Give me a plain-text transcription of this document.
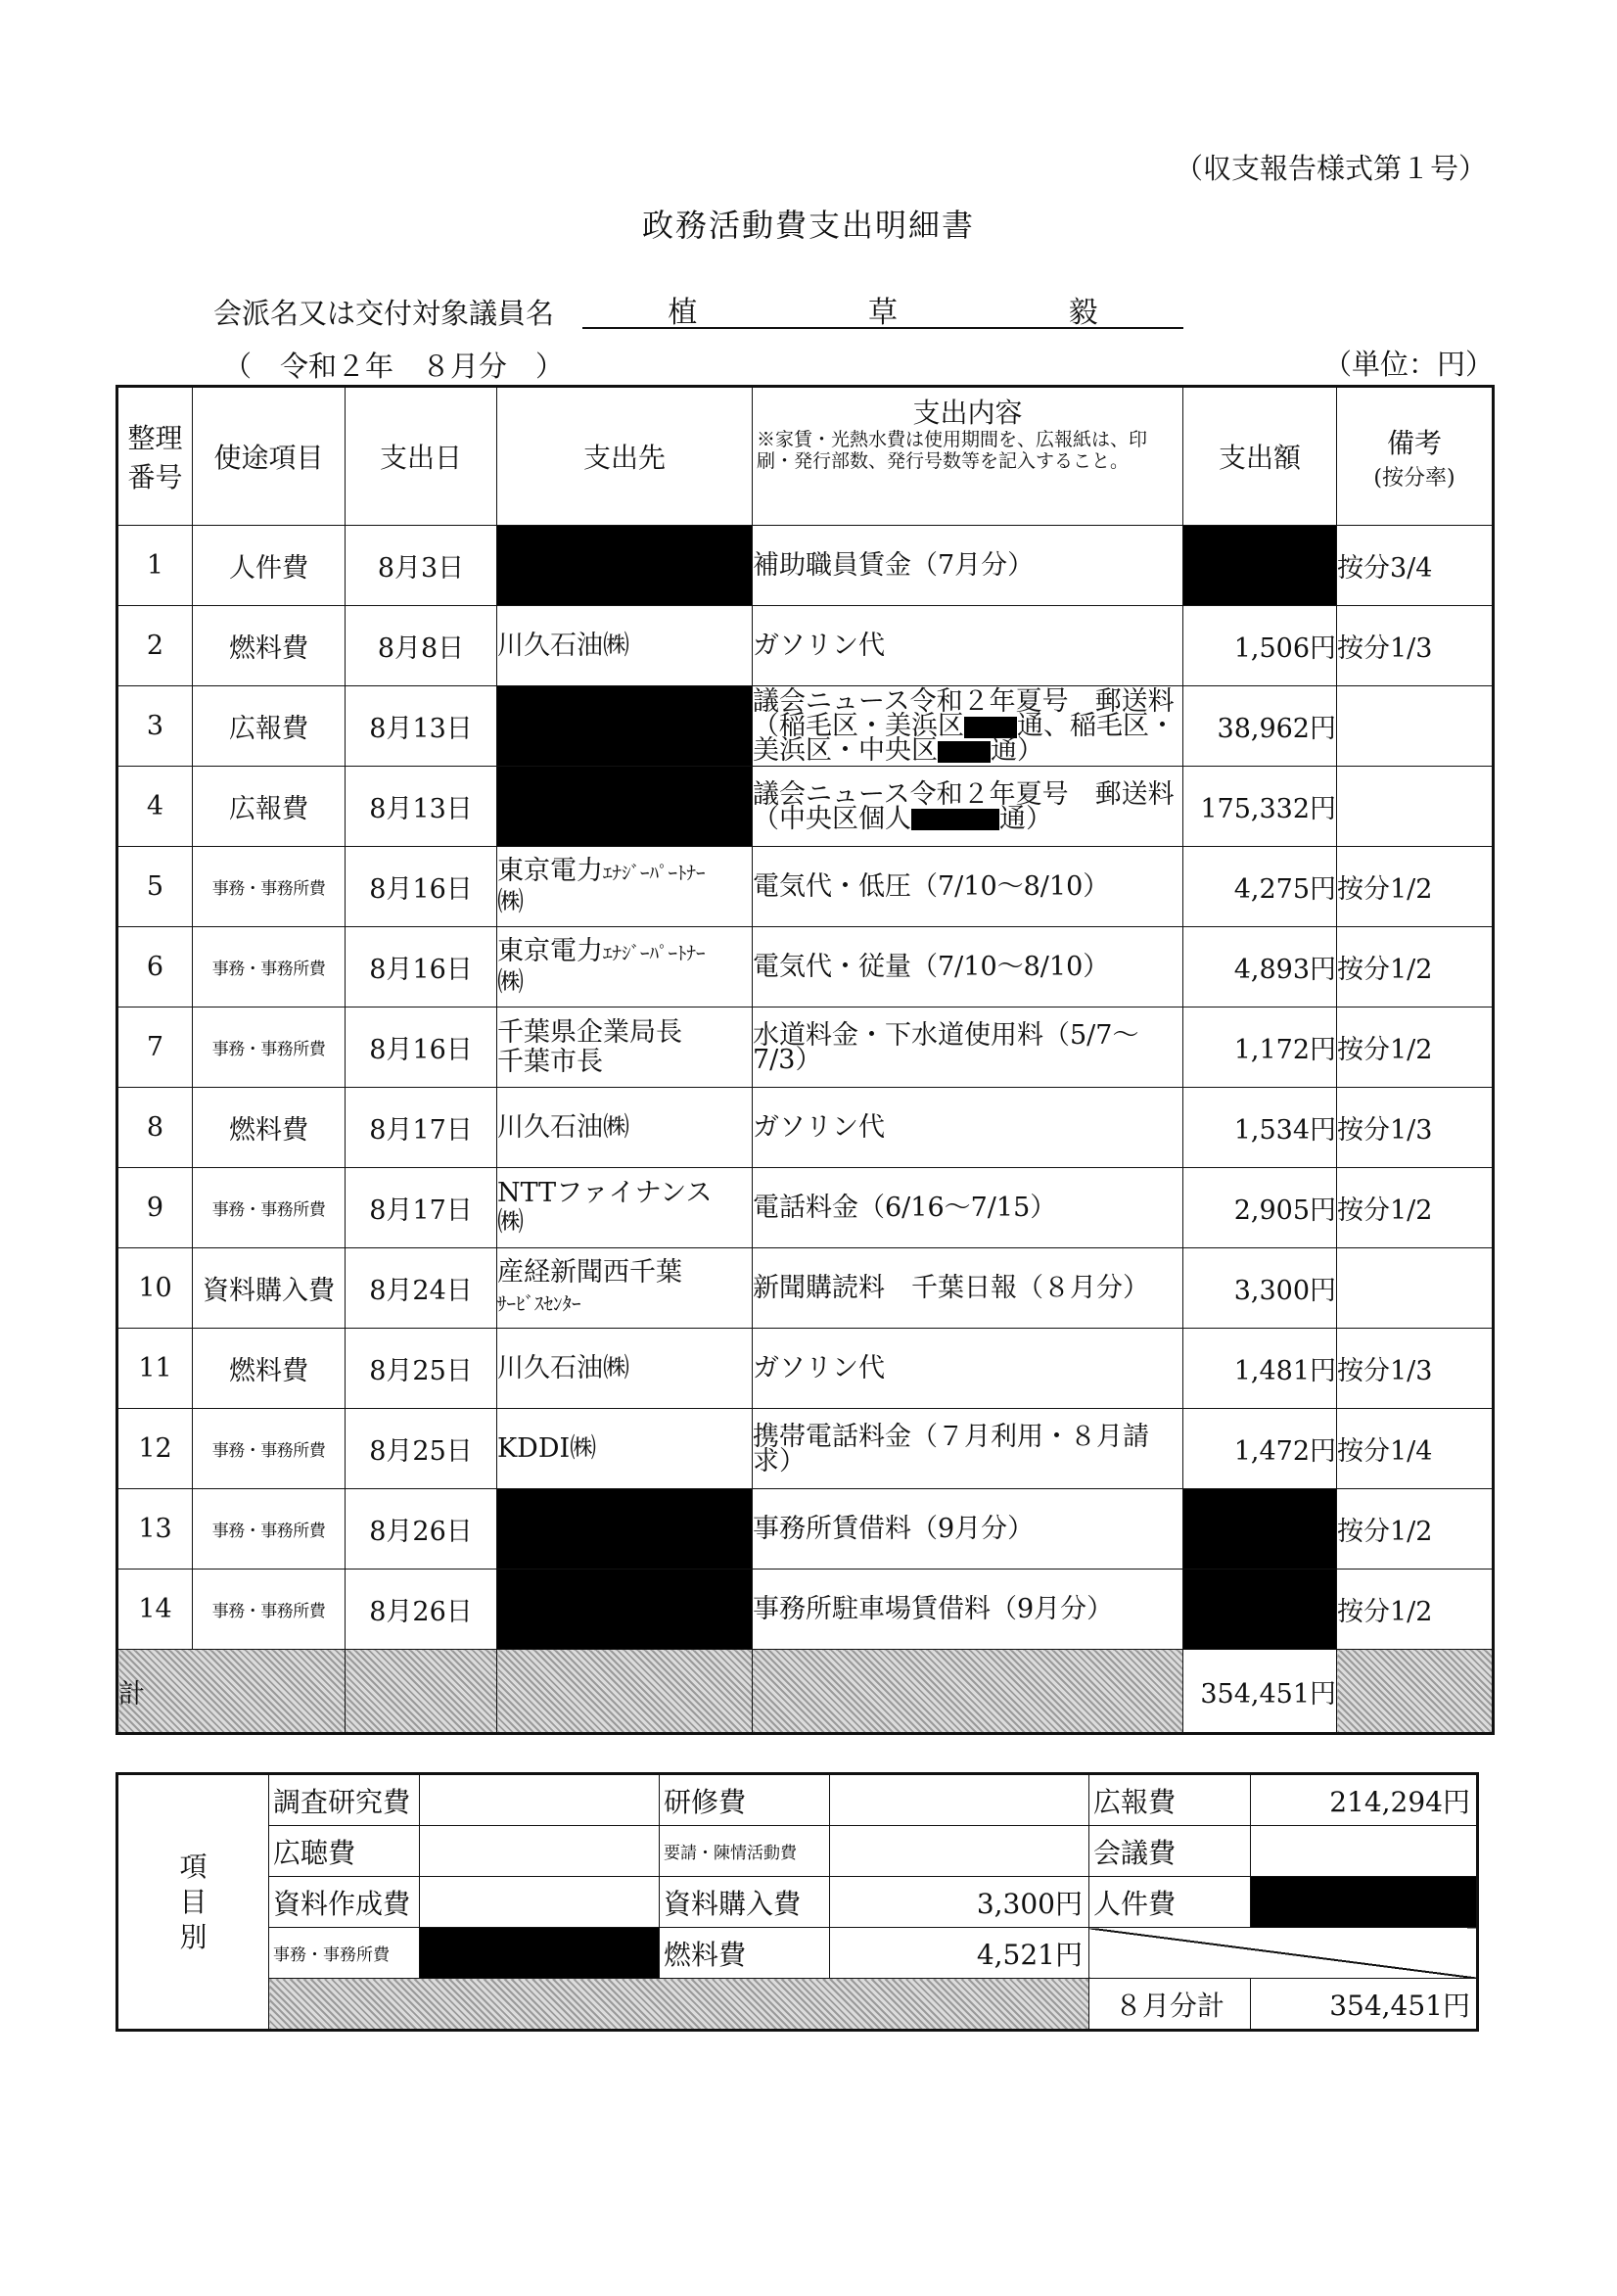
（収支報告様式第１号）
政務活動費支出明細書
会派名又は交付対象議員名	植	草	毅
（　令和２年　８月分　）	（単位：円）
整理番号	使途項目	支出日	支出先	支出内容
※家賃・光熱水費は使用期間を、広報紙は、印刷・発行部数、発行号数等を記入すること。	支出額	備考
(按分率)

1	人件費	8月3日		補助職員賃金（7月分）		按分3/4
2	燃料費	8月8日	川久石油㈱	ガソリン代	1,506円	按分1/3
3	広報費	8月13日		議会ニュース令和２年夏号　郵送料（稲毛区・美浜区 通、稲毛区・美浜区・中央区 通）	38,962円	
4	広報費	8月13日		議会ニュース令和２年夏号　郵送料（中央区個人 通）	175,332円	
5	事務・事務所費	8月16日	東京電力ｴﾅｼﾞｰﾊﾟｰﾄﾅｰ
㈱	電気代・低圧（7/10～8/10）	4,275円	按分1/2
6	事務・事務所費	8月16日	東京電力ｴﾅｼﾞｰﾊﾟｰﾄﾅｰ
㈱	電気代・従量（7/10～8/10）	4,893円	按分1/2
7	事務・事務所費	8月16日	千葉県企業局長
千葉市長	水道料金・下水道使用料（5/7～7/3）	1,172円	按分1/2
8	燃料費	8月17日	川久石油㈱	ガソリン代	1,534円	按分1/3
9	事務・事務所費	8月17日	NTTファイナンス
㈱	電話料金（6/16～7/15）	2,905円	按分1/2
10	資料購入費	8月24日	産経新聞西千葉
ｻｰﾋﾞｽｾﾝﾀｰ	新聞購読料　千葉日報（８月分）	3,300円	
11	燃料費	8月25日	川久石油㈱	ガソリン代	1,481円	按分1/3
12	事務・事務所費	8月25日	KDDI㈱	携帯電話料金（７月利用・８月請求）	1,472円	按分1/4
13	事務・事務所費	8月26日		事務所賃借料（9月分）		按分1/2
14	事務・事務所費	8月26日		事務所駐車場賃借料（9月分）		按分1/2
計					354,451円	
項目別	調査研究費		研修費		広報費	214,294円
	広聴費		要請・陳情活動費		会議費	
	資料作成費		資料購入費	3,300円	人件費	
	事務・事務所費		燃料費	4,521円		
					８月分計	354,451円
